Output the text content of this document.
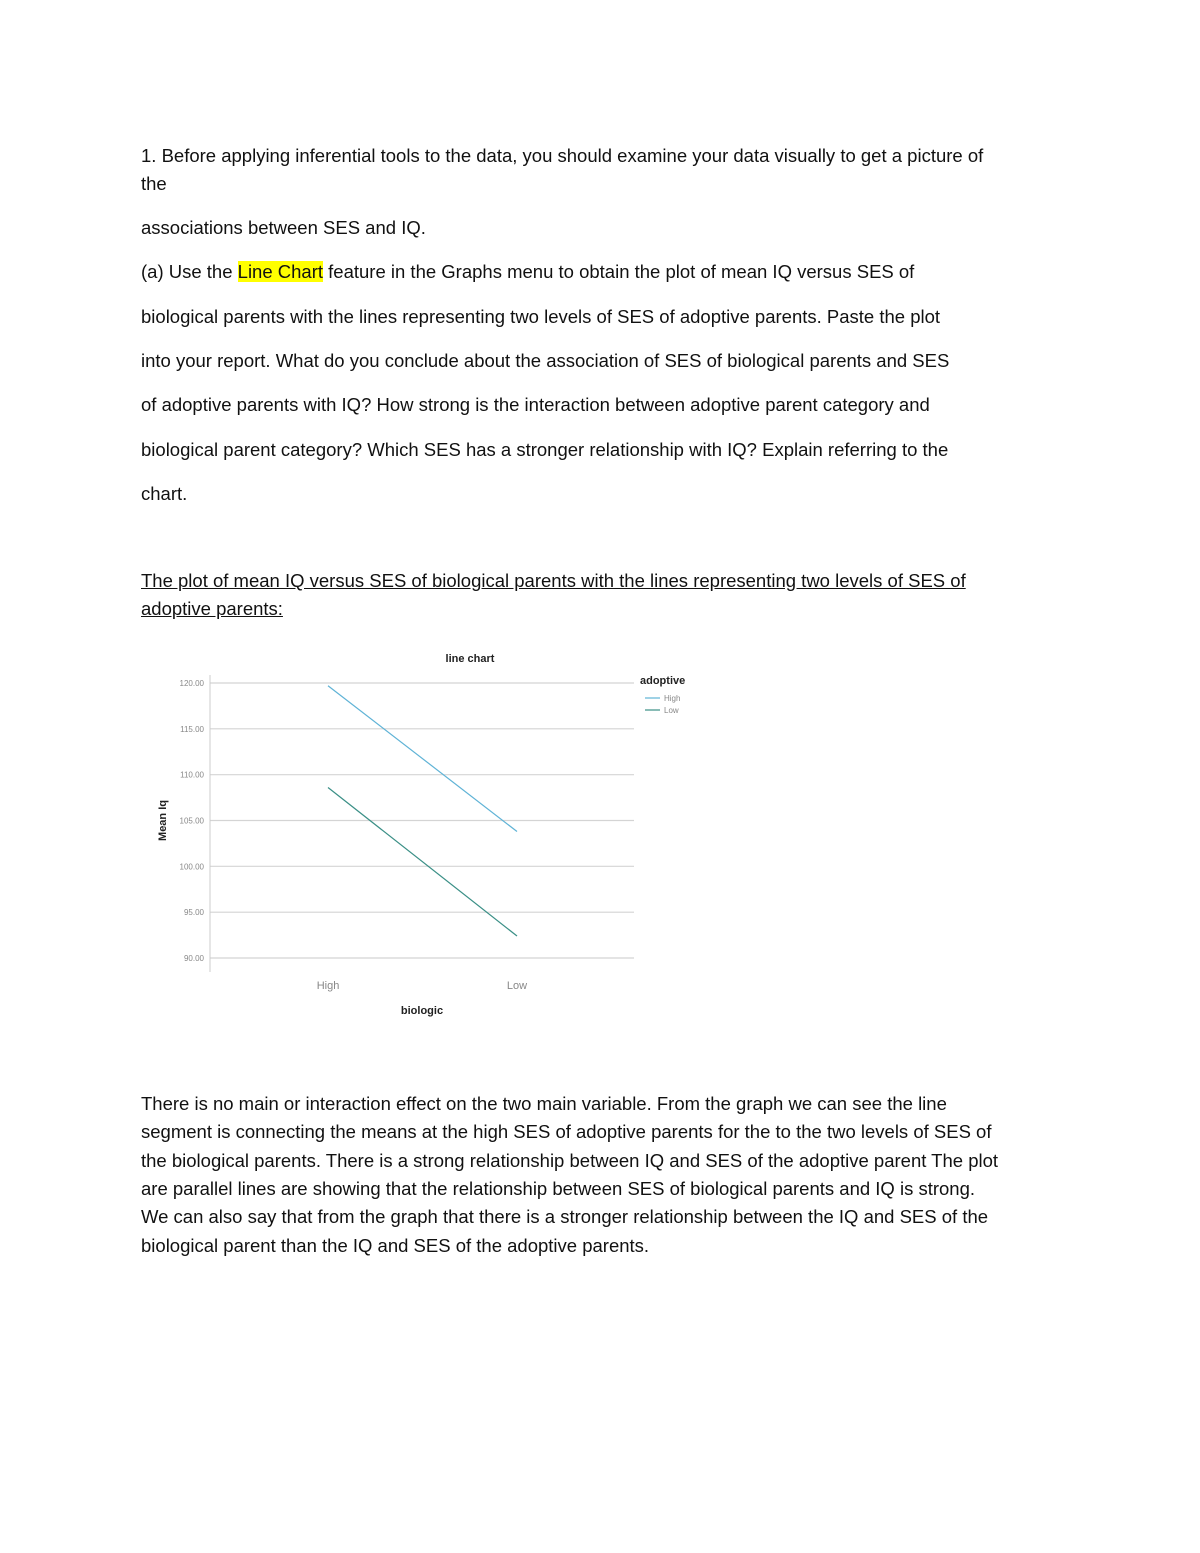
1. Before applying inferential tools to the data, you should examine your data visually to get a picture of

the

associations between SES and IQ.

(a) Use the Line Chart feature in the Graphs menu to obtain the plot of mean IQ versus SES of

biological parents with the lines representing two levels of SES of adoptive parents. Paste the plot

into your report. What do you conclude about the association of SES of biological parents and SES

of adoptive parents with IQ? How strong is the interaction between adoptive parent category and

biological parent category? Which SES has a stronger relationship with IQ? Explain referring to the

chart.

The plot of mean IQ versus SES of biological parents with the lines representing two levels of SES of

adoptive parents:

line chart
90.00
95.00
100.00
105.00
110.00
115.00
120.00
Mean Iq
High	Low
biologic
adoptive
High
Low

There is no main or interaction effect on the two main variable. From the graph we can see the line

segment is connecting the means at the high SES of adoptive parents for the to the two levels of SES of

the biological parents. There is a strong relationship between IQ and SES of the adoptive parent The plot

are parallel lines are showing that the relationship between SES of biological parents and IQ is strong.

We can also say that from the graph that there is a stronger relationship between the IQ and SES of the

biological parent than the IQ and SES of the adoptive parents.
